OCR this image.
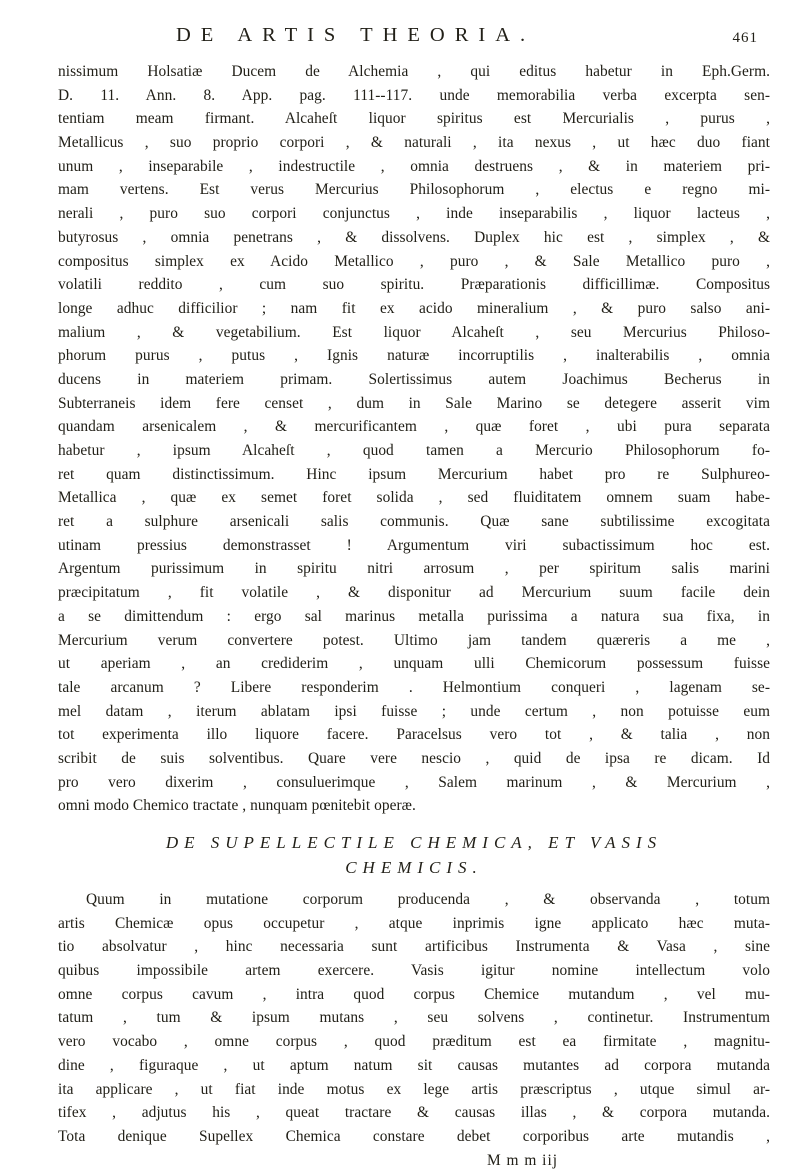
DE ARTIS THEORIA.	461

nissimum Holsatiæ Ducem de Alchemia , qui editus habetur in Eph.Germ.
D. 11. Ann. 8. App. pag. 111--117. unde memorabilia verba excerpta sen-
tentiam meam firmant. Alcaheſt liquor spiritus est Mercurialis , purus ,
Metallicus , suo proprio corpori , & naturali , ita nexus , ut hæc duo fiant
unum , inseparabile , indestructile , omnia destruens , & in materiem pri-
mam vertens. Est verus Mercurius Philosophorum , electus e regno mi-
nerali , puro suo corpori conjunctus , inde inseparabilis , liquor lacteus ,
butyrosus , omnia penetrans , & dissolvens. Duplex hic est , simplex , &
compositus simplex ex Acido Metallico , puro , & Sale Metallico puro ,
volatili reddito , cum suo spiritu. Præparationis difficillimæ. Compositus
longe adhuc difficilior ; nam fit ex acido mineralium , & puro salso ani-
malium , & vegetabilium. Est liquor Alcaheſt , seu Mercurius Philoso-
phorum purus , putus , Ignis naturæ incorruptilis , inalterabilis , omnia
ducens in materiem primam. Solertissimus autem Joachimus Becherus in
Subterraneis idem fere censet , dum in Sale Marino se detegere asserit vim
quandam arsenicalem , & mercurificantem , quæ foret , ubi pura separata
habetur , ipsum Alcaheſt , quod tamen a Mercurio Philosophorum fo-
ret quam distinctissimum. Hinc ipsum Mercurium habet pro re Sulphureo-
Metallica , quæ ex semet foret solida , sed fluiditatem omnem suam habe-
ret a sulphure arsenicali salis communis. Quæ sane subtilissime excogitata
utinam pressius demonstrasset ! Argumentum viri subactissimum hoc est.
Argentum purissimum in spiritu nitri arrosum , per spiritum salis marini
præcipitatum , fit volatile , & disponitur ad Mercurium suum facile dein
a se dimittendum : ergo sal marinus metalla purissima a natura sua fixa, in
Mercurium verum convertere potest. Ultimo jam tandem quæreris a me ,
ut aperiam , an crediderim , unquam ulli Chemicorum possessum fuisse
tale arcanum ? Libere responderim . Helmontium conqueri , lagenam se-
mel datam , iterum ablatam ipsi fuisse ; unde certum , non potuisse eum
tot experimenta illo liquore facere. Paracelsus vero tot , & talia , non
scribit de suis solventibus. Quare vere nescio , quid de ipsa re dicam. Id
pro vero dixerim , consuluerimque , Salem marinum , & Mercurium ,
omni modo Chemico tractate , nunquam pœnitebit operæ.

DE SUPELLECTILE CHEMICA, ET VASIS
CHEMICIS.

Quum in mutatione corporum producenda , & observanda , totum
artis Chemicæ opus occupetur , atque inprimis igne applicato hæc muta-
tio absolvatur , hinc necessaria sunt artificibus Instrumenta & Vasa , sine
quibus impossibile artem exercere. Vasis igitur nomine intellectum volo
omne corpus cavum , intra quod corpus Chemice mutandum , vel mu-
tatum , tum & ipsum mutans , seu solvens , continetur. Instrumentum
vero vocabo , omne corpus , quod præditum est ea firmitate , magnitu-
dine , figuraque , ut aptum natum sit causas mutantes ad corpora mutanda
ita applicare , ut fiat inde motus ex lege artis præscriptus , utque simul ar-
tifex , adjutus his , queat tractare & causas illas , & corpora mutanda.
Tota denique Supellex Chemica constare debet corporibus arte mutandis ,

M m m iij
